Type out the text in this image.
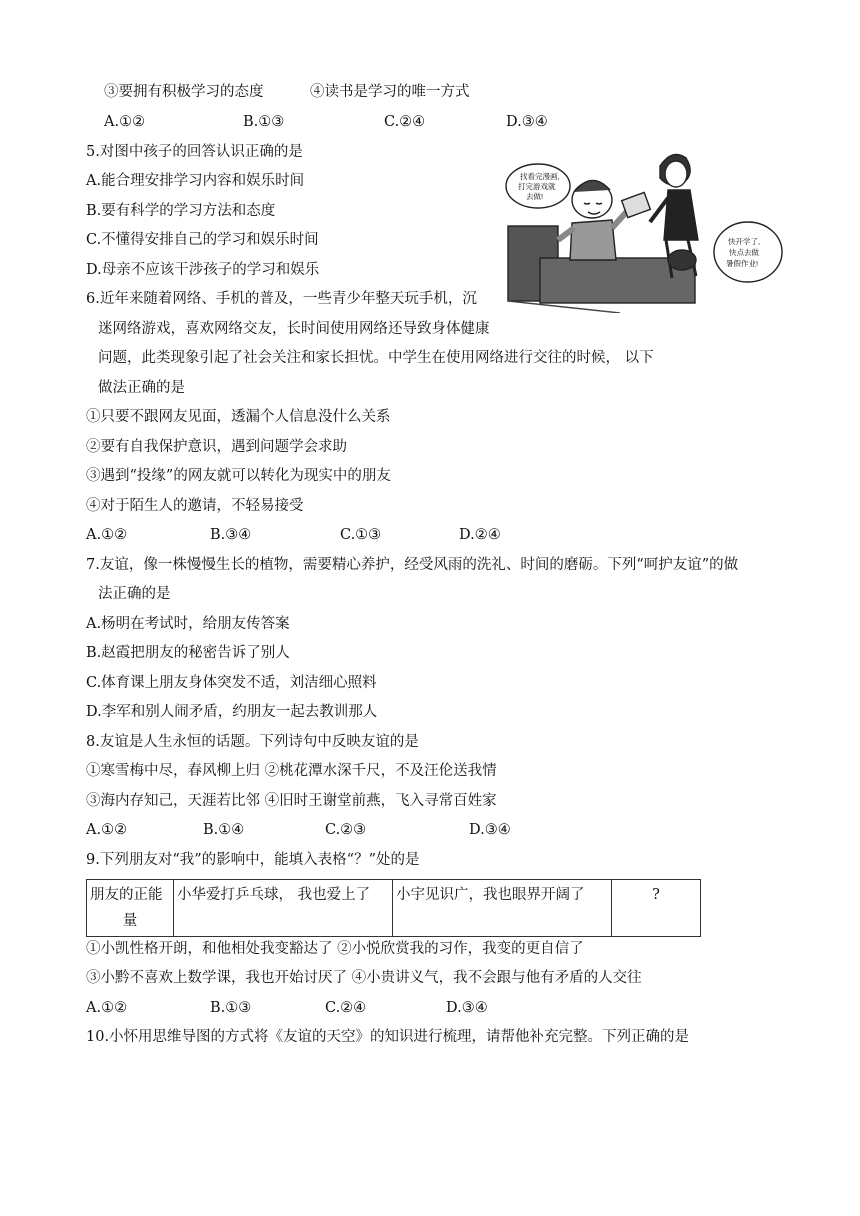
③要拥有积极学习的态度	④读书是学习的唯一方式
A.①②	B.①③	C.②④	D.③④
5.对图中孩子的回答认识正确的是
A.能合理安排学习内容和娱乐时间
B.要有科学的学习方法和态度
C.不懂得安排自己的学习和娱乐时间
D.母亲不应该干涉孩子的学习和娱乐
找看完漫画,
打完游戏就
去做!
快开学了,
快点去做
暑假作业!
6.近年来随着网络、手机的普及，一些青少年整天玩手机，沉
迷网络游戏，喜欢网络交友，长时间使用网络还导致身体健康
问题，此类现象引起了社会关注和家长担忧。中学生在使用网络进行交往的时候， 以下
做法正确的是
①只要不跟网友见面，透漏个人信息没什么关系
②要有自我保护意识，遇到问题学会求助
③遇到“投缘”的网友就可以转化为现实中的朋友
④对于陌生人的邀请，不轻易接受
A.①②	B.③④	C.①③	D.②④
7.友谊，像一株慢慢生长的植物，需要精心养护，经受风雨的洗礼、时间的磨砺。下列“呵护友谊”的做
法正确的是
A.杨明在考试时，给朋友传答案
B.赵霞把朋友的秘密告诉了别人
C.体育课上朋友身体突发不适，刘洁细心照料
D.李军和别人闹矛盾，约朋友一起去教训那人
8.友谊是人生永恒的话题。下列诗句中反映友谊的是
①寒雪梅中尽，春风柳上归 ②桃花潭水深千尺，不及汪伦送我情
③海内存知己，天涯若比邻 ④旧时王谢堂前燕，飞入寻常百姓家
A.①②	B.①④	C.②③	D.③④
9.下列朋友对“我”的影响中，能填入表格“？”处的是
朋友的正能
量
	小华爱打乒乓球， 我也爱上了	小宇见识广，我也眼界开阔了	?
①小凯性格开朗，和他相处我变豁达了 ②小悦欣赏我的习作，我变的更自信了
③小黔不喜欢上数学课，我也开始讨厌了 ④小贵讲义气，我不会跟与他有矛盾的人交往
A.①②	B.①③	C.②④	D.③④
10.小怀用思维导图的方式将《友谊的天空》的知识进行梳理，请帮他补充完整。下列正确的是
